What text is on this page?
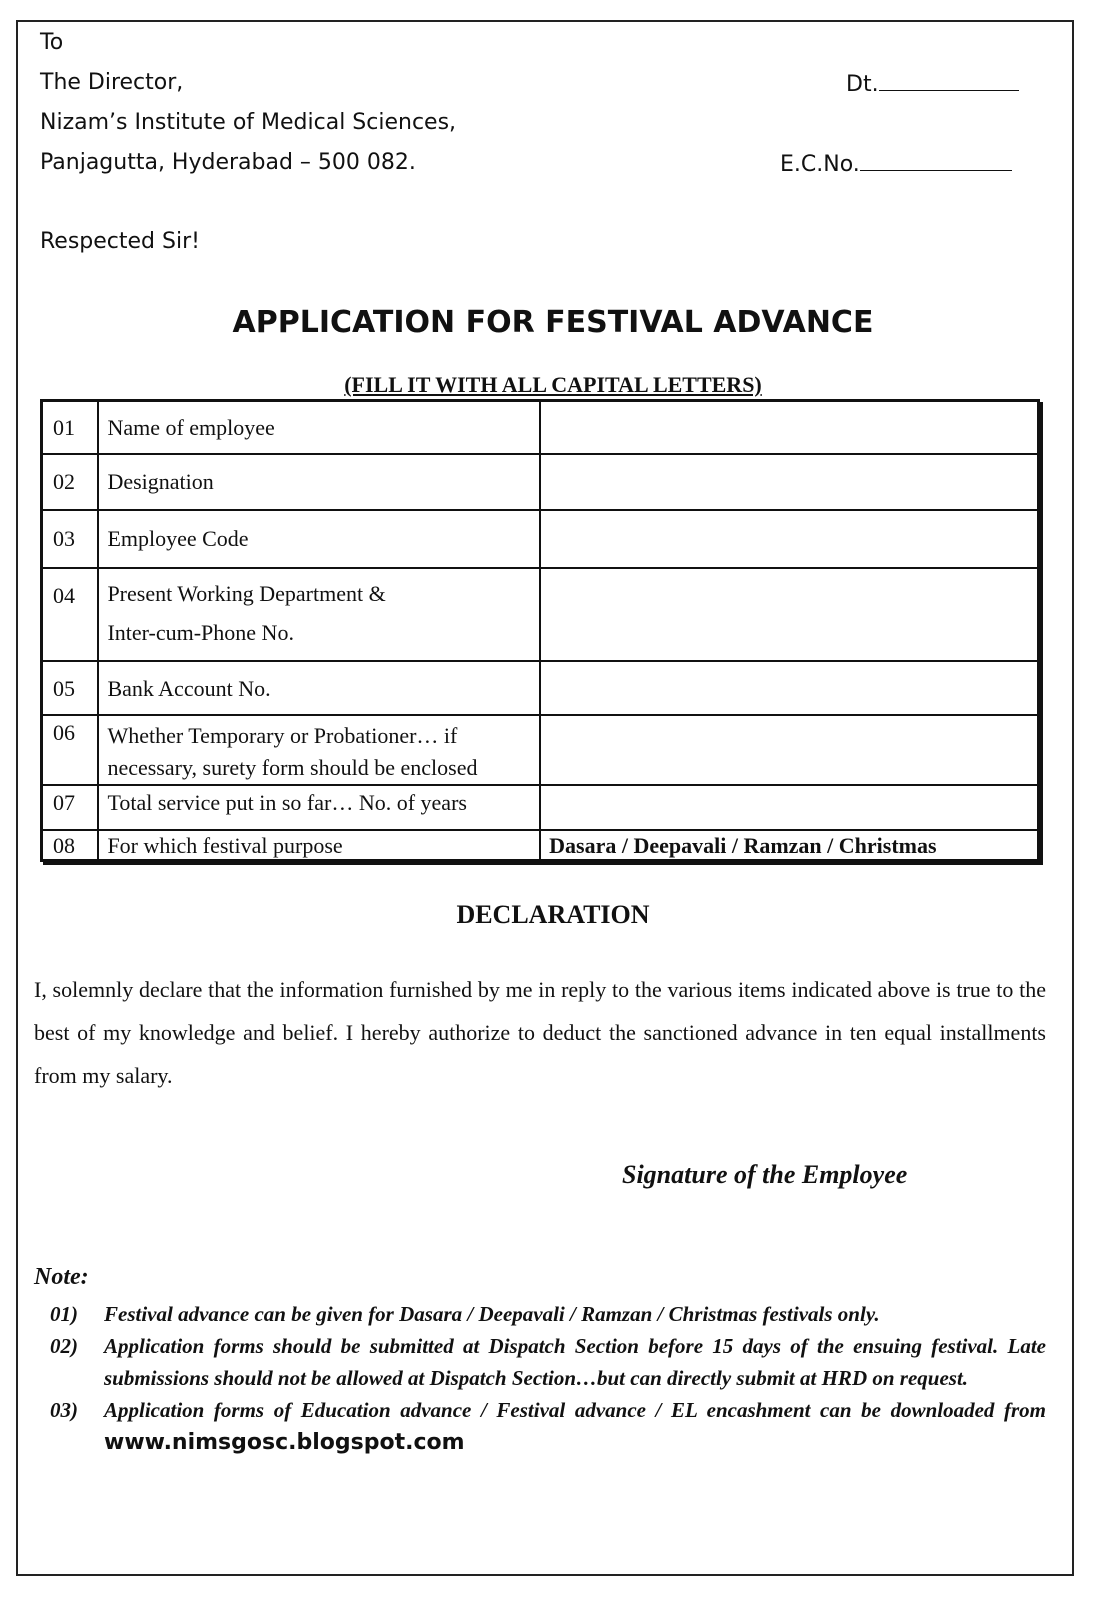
To
The Director,
Nizam’s Institute of Medical Sciences,
Panjagutta, Hyderabad – 500 082.
Dt.
E.C.No.
Respected Sir!
APPLICATION FOR FESTIVAL ADVANCE
(FILL IT WITH ALL CAPITAL LETTERS)
01	Name of employee	
02	Designation	
03	Employee Code	
04	Present Working Department &
Inter-cum-Phone No.	

05	Bank Account No.	
06	Whether Temporary or Probationer… if necessary, surety form should be enclosed	
07	Total service put in so far… No. of years	
08	For which festival purpose	Dasara / Deepavali / Ramzan / Christmas
DECLARATION
I, solemnly declare that the information furnished by me in reply to the various items indicated above is true to the best of my knowledge and belief. I hereby authorize to deduct the sanctioned advance in ten equal installments from my salary.
Signature of the Employee
Note:
01)	Festival advance can be given for Dasara / Deepavali / Ramzan / Christmas festivals only.
02)	Application forms should be submitted at Dispatch Section before 15 days of the ensuing festival. Late submissions should not be allowed at Dispatch Section…but can directly submit at HRD on request.
03)	Application forms of Education advance / Festival advance / EL encashment can be downloaded from www.nimsgosc.blogspot.com
